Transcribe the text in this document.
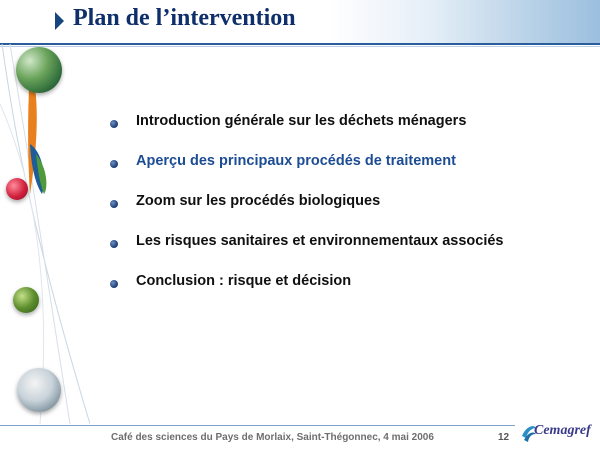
Plan de l’intervention
Introduction générale sur les déchets ménagers
Aperçu des principaux procédés de traitement
Zoom sur les procédés biologiques
Les risques sanitaires et environnementaux associés
Conclusion : risque et décision
Café des sciences du Pays de Morlaix, Saint-Thégonnec, 4 mai 2006	12 Cemagref
